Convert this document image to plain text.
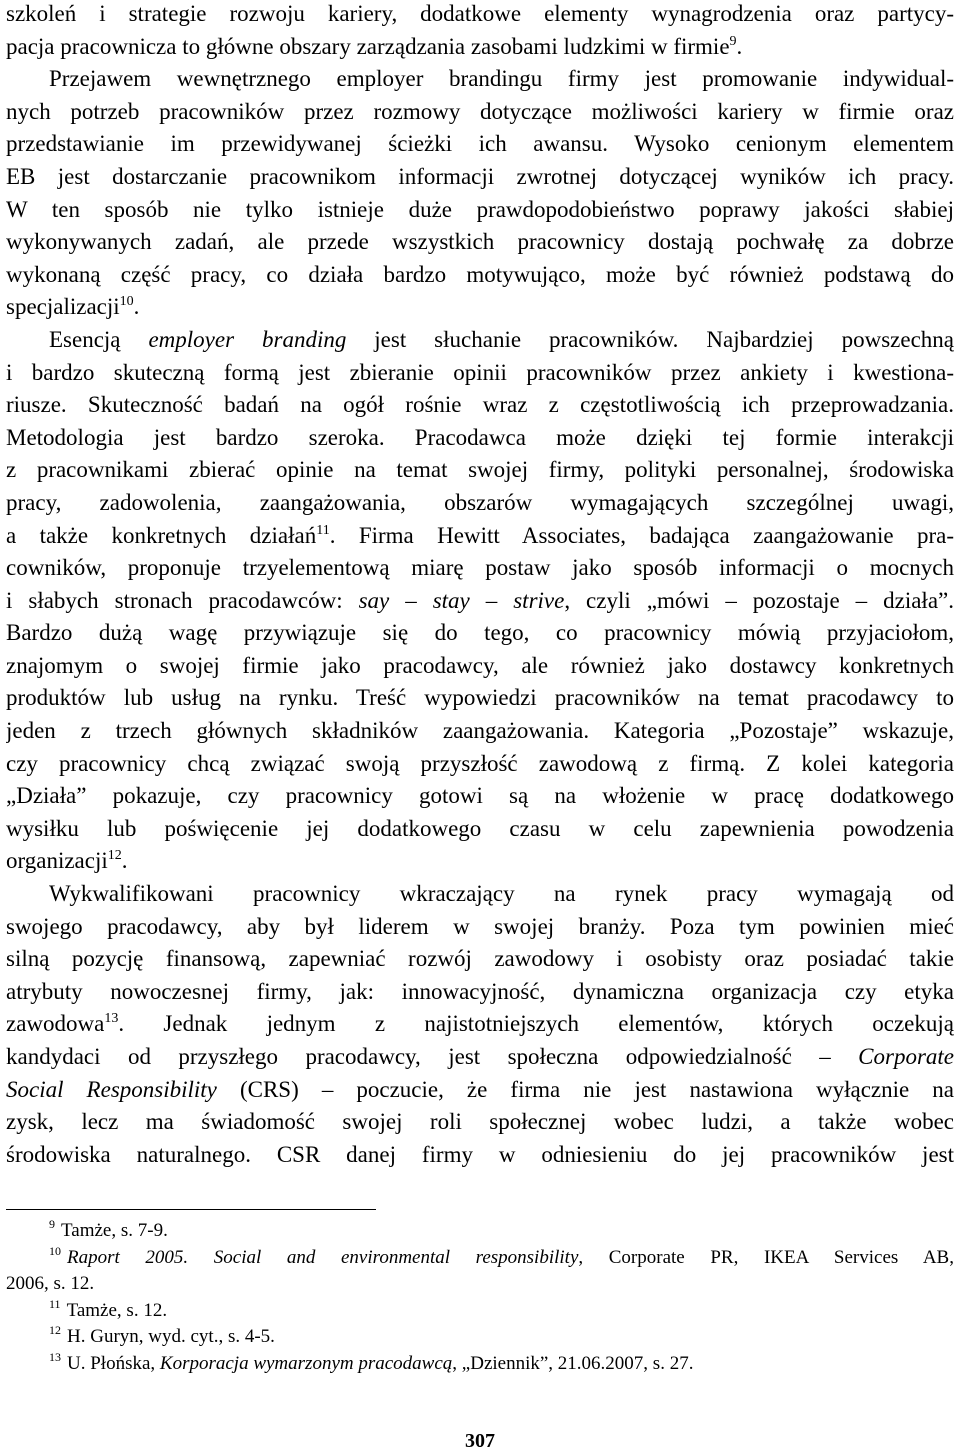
szkoleń i strategie rozwoju kariery, dodatkowe elementy wynagrodzenia oraz partycy-
pacja pracownicza to główne obszary zarządzania zasobami ludzkimi w firmie$^9$.
Przejawem wewnętrznego employer brandingu firmy jest promowanie indywidual-
nych potrzeb pracowników przez rozmowy dotyczące możliwości kariery w firmie oraz
przedstawianie im przewidywanej ścieżki ich awansu. Wysoko cenionym elementem
EB jest dostarczanie pracownikom informacji zwrotnej dotyczącej wyników ich pracy.
W ten sposób nie tylko istnieje duże prawdopodobieństwo poprawy jakości słabiej
wykonywanych zadań, ale przede wszystkich pracownicy dostają pochwałę za dobrze
wykonaną część pracy, co działa bardzo motywująco, może być również podstawą do
specjalizacji$^{10}$.
Esencją employer branding jest słuchanie pracowników. Najbardziej powszechną
i bardzo skuteczną formą jest zbieranie opinii pracowników przez ankiety i kwestiona-
riusze. Skuteczność badań na ogół rośnie wraz z częstotliwością ich przeprowadzania.
Metodologia jest bardzo szeroka. Pracodawca może dzięki tej formie interakcji
z pracownikami zbierać opinie na temat swojej firmy, polityki personalnej, środowiska
pracy, zadowolenia, zaangażowania, obszarów wymagających szczególnej uwagi,
a także konkretnych działań$^{11}$. Firma Hewitt Associates, badająca zaangażowanie pra-
cowników, proponuje trzyelementową miarę postaw jako sposób informacji o mocnych
i słabych stronach pracodawców: say – stay – strive, czyli „mówi – pozostaje – działa”.
Bardzo dużą wagę przywiązuje się do tego, co pracownicy mówią przyjaciołom,
znajomym o swojej firmie jako pracodawcy, ale również jako dostawcy konkretnych
produktów lub usług na rynku. Treść wypowiedzi pracowników na temat pracodawcy to
jeden z trzech głównych składników zaangażowania. Kategoria „Pozostaje” wskazuje,
czy pracownicy chcą związać swoją przyszłość zawodową z firmą. Z kolei kategoria
„Działa” pokazuje, czy pracownicy gotowi są na włożenie w pracę dodatkowego
wysiłku lub poświęcenie jej dodatkowego czasu w celu zapewnienia powodzenia
organizacji$^{12}$.
Wykwalifikowani pracownicy wkraczający na rynek pracy wymagają od
swojego pracodawcy, aby był liderem w swojej branży. Poza tym powinien mieć
silną pozycję finansową, zapewniać rozwój zawodowy i osobisty oraz posiadać takie
atrybuty nowoczesnej firmy, jak: innowacyjność, dynamiczna organizacja czy etyka
zawodowa$^{13}$. Jednak jednym z najistotniejszych elementów, których oczekują
kandydaci od przyszłego pracodawcy, jest społeczna odpowiedzialność – Corporate
Social Responsibility (CRS) – poczucie, że firma nie jest nastawiona wyłącznie na
zysk, lecz ma świadomość swojej roli społecznej wobec ludzi, a także wobec
środowiska naturalnego. CSR danej firmy w odniesieniu do jej pracowników jest
$^9$ Tamże, s. 7-9.
$^{10}$ Raport 2005. Social and environmental responsibility, Corporate PR, IKEA Services AB,
2006, s. 12.
$^{11}$ Tamże, s. 12.
$^{12}$ H. Guryn, wyd. cyt., s. 4-5.
$^{13}$ U. Płońska, Korporacja wymarzonym pracodawcą, „Dziennik”, 21.06.2007, s. 27.
307
